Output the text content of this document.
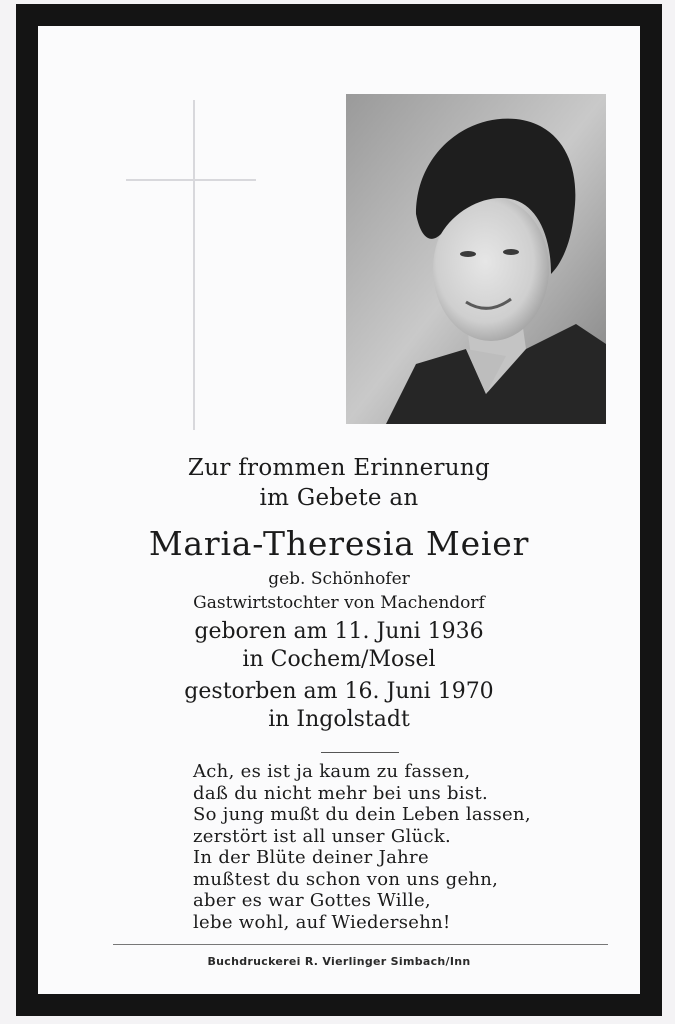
Zur frommen Erinnerung
im Gebete an
Maria-Theresia Meier
geb. Schönhofer
Gastwirtstochter von Machendorf
geboren am 11. Juni 1936
in Cochem/Mosel
gestorben am 16. Juni 1970
in Ingolstadt
Ach, es ist ja kaum zu fassen,
daß du nicht mehr bei uns bist.
So jung mußt du dein Leben lassen,
zerstört ist all unser Glück.
In der Blüte deiner Jahre
mußtest du schon von uns gehn,
aber es war Gottes Wille,
lebe wohl, auf Wiedersehn!
Buchdruckerei R. Vierlinger Simbach/Inn
